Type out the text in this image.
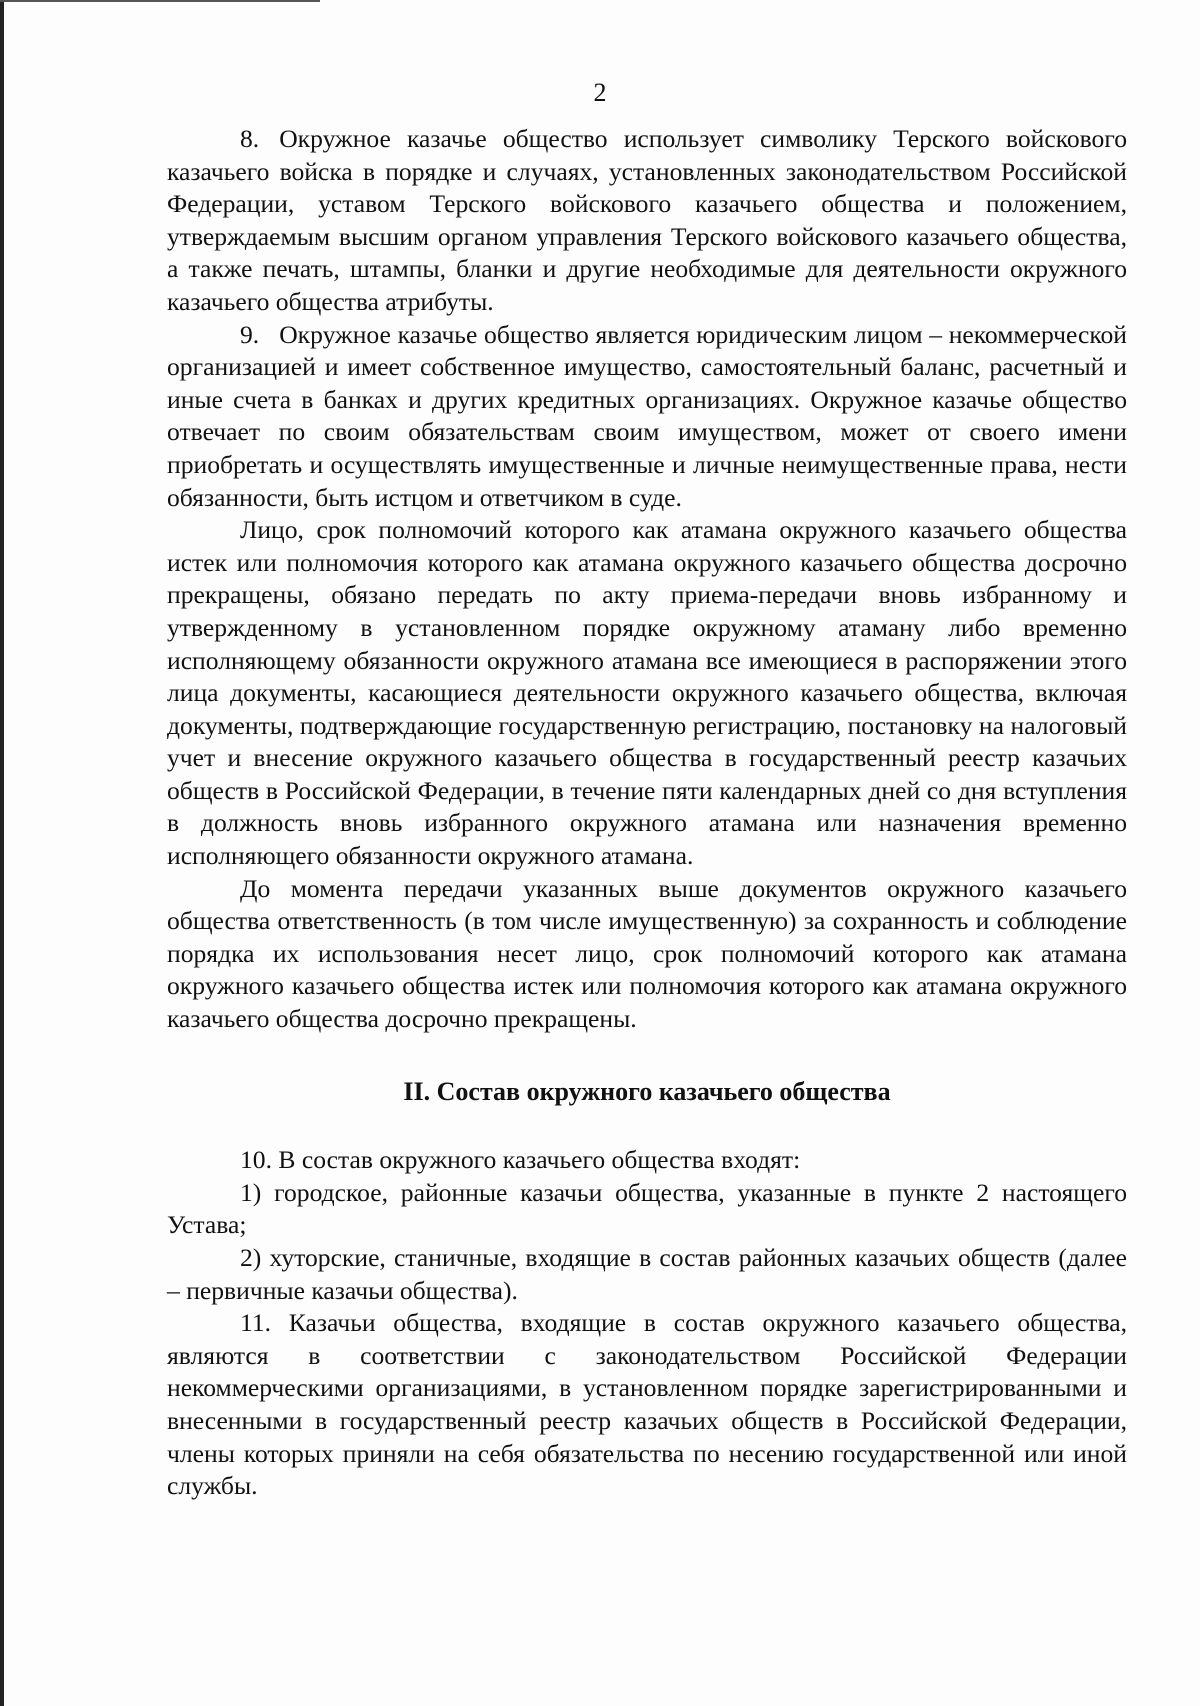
2

8. Окружное казачье общество использует символику Терского войскового казачьего войска в порядке и случаях, установленных законодательством Российской Федерации, уставом Терского войскового казачьего общества и положением, утверждаемым высшим органом управления Терского войскового казачьего общества, а также печать, штампы, бланки и другие необходимые для деятельности окружного казачьего общества атрибуты.

9. Окружное казачье общество является юридическим лицом – некоммерческой организацией и имеет собственное имущество, самостоятельный баланс, расчетный и иные счета в банках и других кредитных организациях. Окружное казачье общество отвечает по своим обязательствам своим имуществом, может от своего имени приобретать и осуществлять имущественные и личные неимущественные права, нести обязанности, быть истцом и ответчиком в суде.

Лицо, срок полномочий которого как атамана окружного казачьего общества истек или полномочия которого как атамана окружного казачьего общества досрочно прекращены, обязано передать по акту приема-передачи вновь избранному и утвержденному в установленном порядке окружному атаману либо временно исполняющему обязанности окружного атамана все имеющиеся в распоряжении этого лица документы, касающиеся деятельности окружного казачьего общества, включая документы, подтверждающие государственную регистрацию, постановку на налоговый учет и внесение окружного казачьего общества в государственный реестр казачьих обществ в Российской Федерации, в течение пяти календарных дней со дня вступления в должность вновь избранного окружного атамана или назначения временно исполняющего обязанности окружного атамана.

До момента передачи указанных выше документов окружного казачьего общества ответственность (в том числе имущественную) за сохранность и соблюдение порядка их использования несет лицо, срок полномочий которого как атамана окружного казачьего общества истек или полномочия которого как атамана окружного казачьего общества досрочно прекращены.

II. Состав окружного казачьего общества

10. В состав окружного казачьего общества входят:

1) городское, районные казачьи общества, указанные в пункте 2 настоящего Устава;

2) хуторские, станичные, входящие в состав районных казачьих обществ (далее – первичные казачьи общества).

11. Казачьи общества, входящие в состав окружного казачьего общества, являются в соответствии с законодательством Российской Федерации некоммерческими организациями, в установленном порядке зарегистрированными и внесенными в государственный реестр казачьих обществ в Российской Федерации, члены которых приняли на себя обязательства по несению государственной или иной службы.
